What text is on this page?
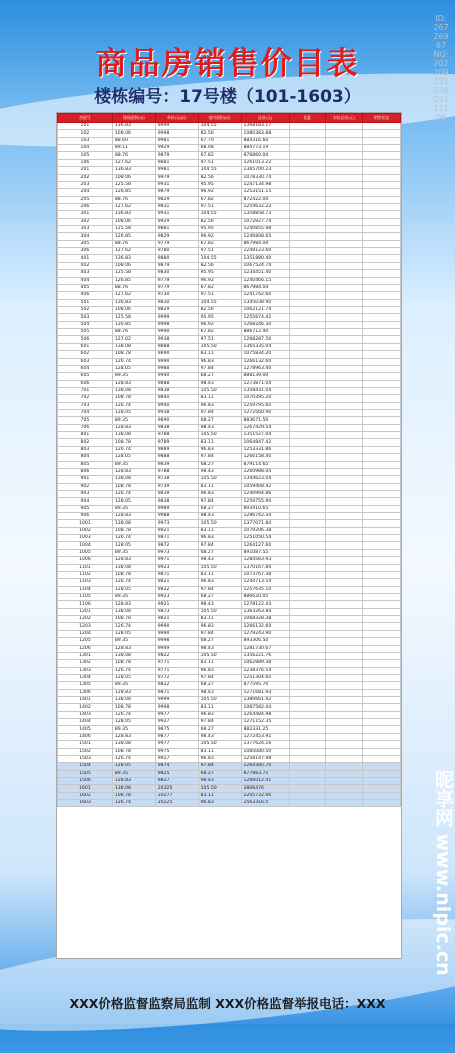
商品房销售价目表
楼栋编号：17号楼（101-1603）
房屋号	建筑面积(㎡)	单价(元/㎡)	套内面积(㎡)	总价(元)	优惠	实际总价(元)	销售状态
101	136.83	9999	104.55	1368183.17			
102	108.06	9998	82.56	1080383.88			
103	88.60	9981	67.70	884316.60			
104	89.11	9929	68.08	884773.19			
105	88.76	9879	67.82	876860.04			
106	127.62	9881	97.51	1261013.22			
201	136.83	9981	104.55	1365700.23			
202	108.06	9979	82.56	1078330.74			
203	125.58	9931	95.95	1247134.98			
204	126.85	9879	96.92	1253151.15			
205	88.76	9829	67.82	872422.04			
206	127.62	9831	97.51	1254632.22			
301	136.83	9931	104.55	1358858.73			
302	108.06	9929	82.56	1072927.74			
303	125.58	9881	95.95	1240855.98			
304	126.85	9829	96.92	1246808.65			
305	88.76	9779	67.82	867984.04			
306	127.62	9780	97.51	1248123.60			
401	136.83	9880	104.55	1351880.40			
402	108.06	9879	82.56	1067524.74			
403	125.58	9830	95.95	1234451.40			
404	126.85	9779	96.92	1240466.15			
405	88.76	9779	67.82	867984.04			
406	127.62	9730	97.51	1241742.60			
501	136.83	9830	104.55	1345038.90			
502	108.06	9829	82.56	1062121.74			
503	125.58	9999	95.95	1255674.42			
504	126.85	9998	96.92	1268246.30			
505	88.76	9990	67.82	886712.40			
506	127.62	9938	97.51	1268287.56			
601	138.08	9888	105.50	1365335.04			
602	108.78	9890	83.11	1075834.20			
603	126.74	9990	96.83	1266132.60			
604	128.05	9988	97.84	1278963.40			
605	89.35	9940	68.27	888139.00			
606	128.83	9888	98.43	1273871.04			
701	138.08	9838	105.50	1358431.04			
702	108.78	9840	83.11	1070395.20			
703	126.74	9940	96.83	1259795.60			
704	128.05	9938	97.84	1272560.90			
705	89.35	9890	68.27	883671.50			
706	128.83	9838	98.43	1267429.54			
801	138.08	9788	105.50	1351527.04			
802	108.78	9789	83.11	1064847.42			
803	126.74	9889	96.83	1253331.86			
804	128.05	9888	97.84	1266158.40			
805	89.35	9839	68.27	879114.65			
806	128.83	9788	98.43	1260988.04			
901	138.08	9738	105.50	1344623.04			
902	108.78	9739	83.11	1059408.42			
903	126.74	9839	96.83	1246994.86			
904	128.05	9838	97.84	1259755.90			
905	89.35	9989	68.27	893410.65			
906	128.83	9988	98.43	1286742.34			
1001	138.08	9973	105.50	1377071.84			
1002	108.78	9921	83.11	1079206.38			
1003	126.74	9871	96.83	1251050.54			
1004	128.05	9872	97.84	1264127.60			
1005	89.35	9973	68.27	891087.55			
1006	128.83	9971	98.43	1284563.93			
1101	138.08	9923	105.50	1370167.84			
1102	108.78	9871	83.11	1073767.38			
1103	126.74	9821	96.83	1244713.54			
1104	128.05	9822	97.84	1257635.10			
1105	89.35	9923	68.27	886620.05			
1106	128.83	9921	98.43	1278122.43			
1201	138.08	9873	105.50	1363263.84			
1202	108.78	9821	83.11	1068328.38			
1203	126.74	9990	96.83	1266132.60			
1204	128.05	9990	97.84	1279243.90			
1205	89.35	9998	68.27	893306.50			
1206	128.83	9949	98.43	1281730.67			
1301	138.08	9822	105.50	1356221.76			
1302	108.78	9771	83.11	1062889.38			
1303	126.74	9771	96.83	1238376.54			
1304	128.05	9772	97.84	1251304.60			
1305	89.35	9822	68.27	877595.70			
1306	128.83	9871	98.43	1271681.93			
1401	138.08	9999	105.50	1380661.92			
1402	108.78	9998	83.11	1087582.44			
1403	126.74	9977	96.83	1264484.98			
1404	128.05	9927	97.84	1271152.35			
1405	89.35	9875	68.27	882331.25			
1406	128.83	9877	98.43	1272453.91			
1501	138.08	9977	105.50	1377624.16			
1502	108.78	9975	83.11	1085080.50			
1503	126.74	9927	96.83	1258147.98			
1504	128.05	9874	97.84	1264385.70			
1505	89.35	9825	68.27	877863.75			
1506	128.83	9827	98.43	1266012.41			
1601	138.08	20325	105.50	2806476			
1602	108.78	20277	83.11	2205732.06			
1603	126.74	20225	96.83	2563316.5			
XXX价格监督监察局监制 XXX价格监督举报电话：XXX
ID:26726967 NO:20220923112824117106
昵享网 www.nipic.cn
